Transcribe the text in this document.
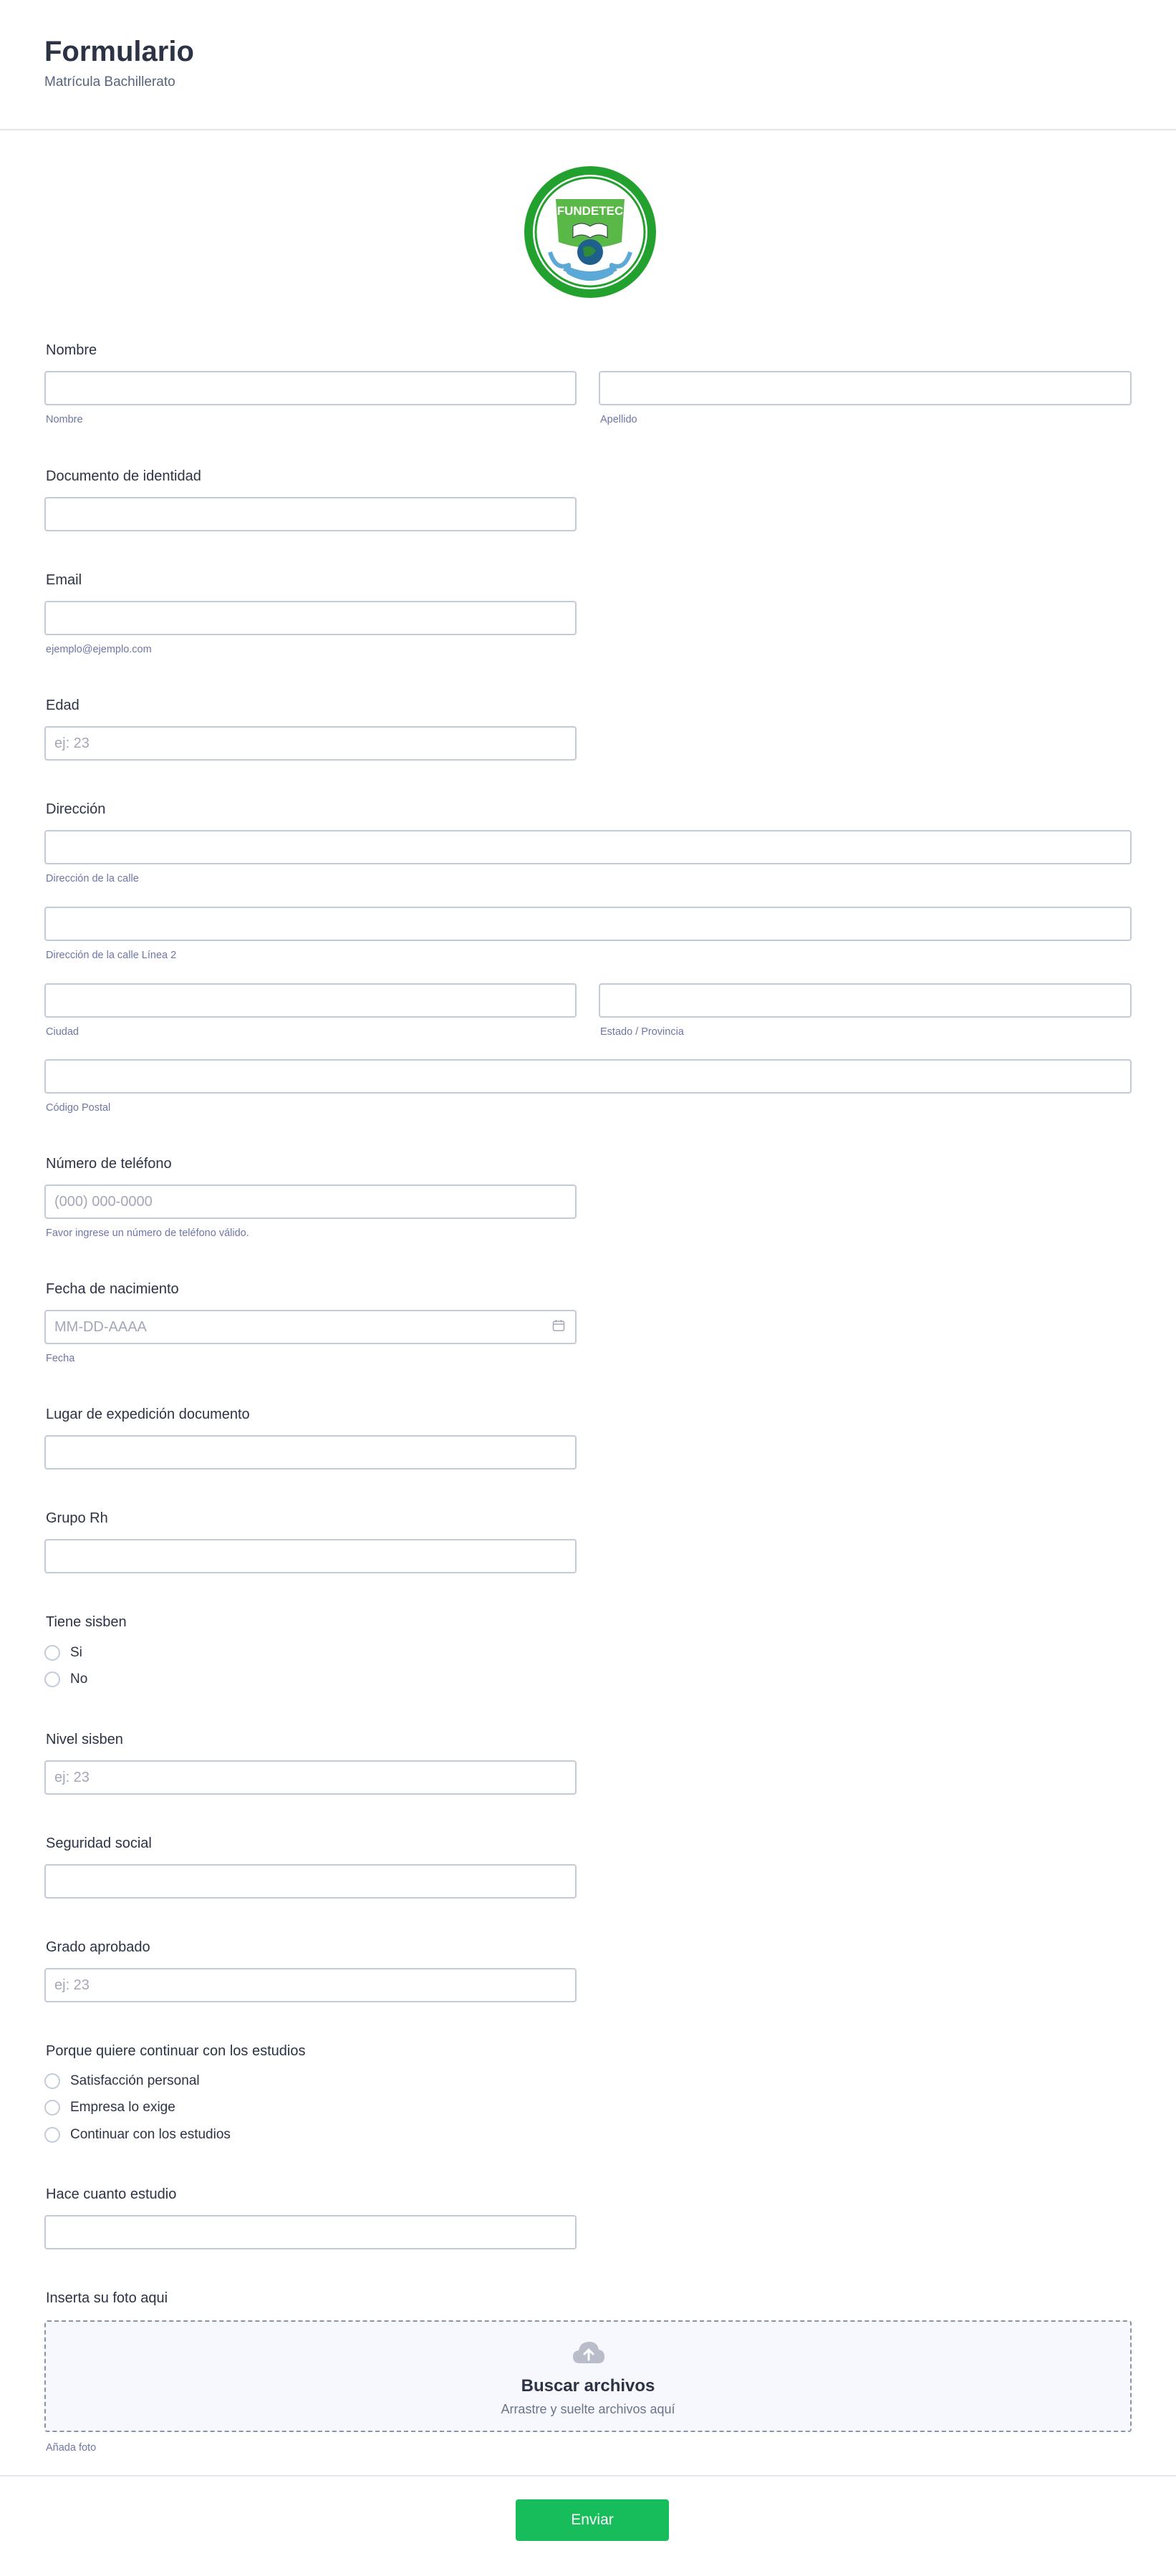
Formulario
Matrícula Bachillerato
FUNDETEC
Nombre
Nombre	Apellido
Documento de identidad
Email
ejemplo@ejemplo.com
Edad
ej: 23
Dirección
Dirección de la calle
Dirección de la calle Línea 2
Ciudad	Estado / Provincia
Código Postal
Número de teléfono
(000) 000-0000
Favor ingrese un número de teléfono válido.
Fecha de nacimiento
MM-DD-AAAA
Fecha
Lugar de expedición documento
Grupo Rh
Tiene sisben
Si
No
Nivel sisben
ej: 23
Seguridad social
Grado aprobado
ej: 23
Porque quiere continuar con los estudios
Satisfacción personal
Empresa lo exige
Continuar con los estudios
Hace cuanto estudio
Inserta su foto aqui
Buscar archivos
Arrastre y suelte archivos aquí
Añada foto
Enviar
